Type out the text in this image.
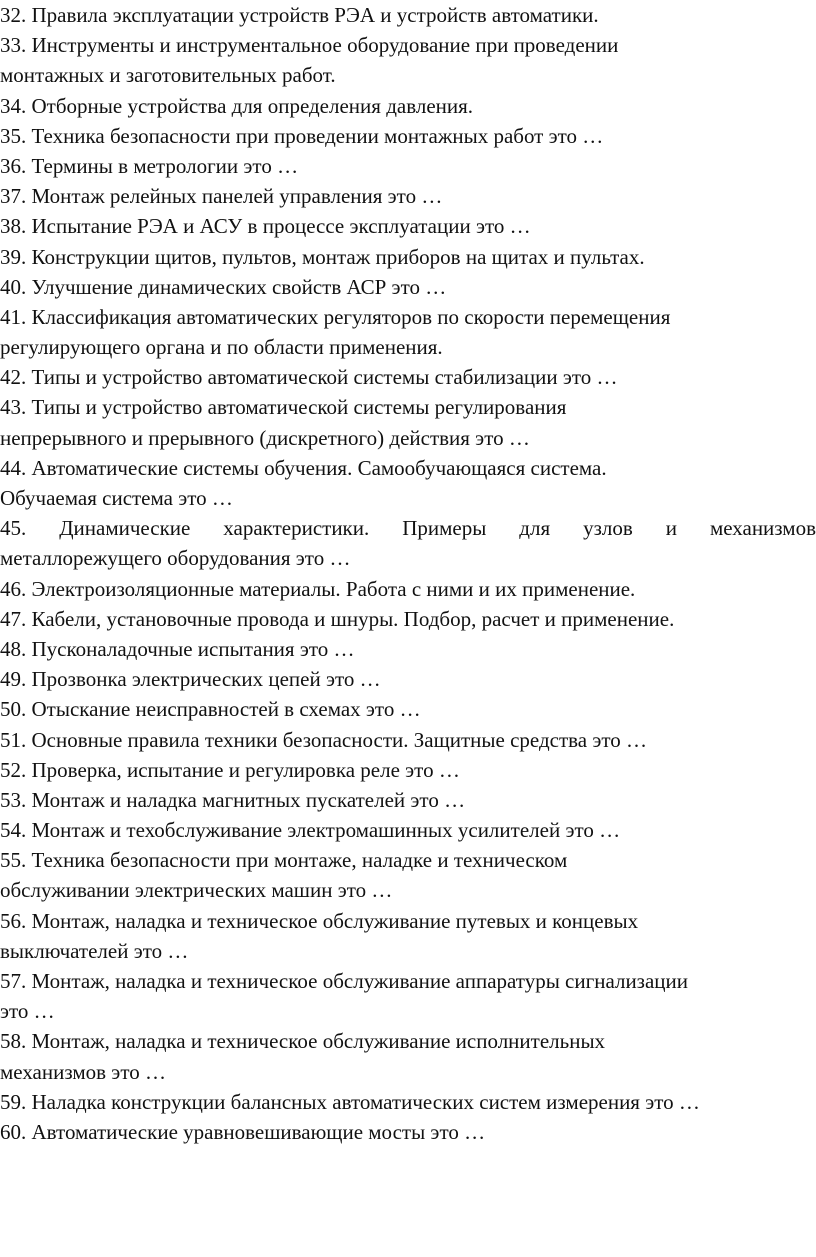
32. Правила эксплуатации устройств РЭА и устройств автоматики.
33. Инструменты и инструментальное оборудование при проведении
монтажных и заготовительных работ.
34. Отборные устройства для определения давления.
35. Техника безопасности при проведении монтажных работ это …
36. Термины в метрологии это …
37. Монтаж релейных панелей управления это …
38. Испытание РЭА и АСУ в процессе эксплуатации это …
39. Конструкции щитов, пультов, монтаж приборов на щитах и пультах.
40. Улучшение динамических свойств АСР это …
41. Классификация автоматических регуляторов по скорости перемещения
регулирующего органа и по области применения.
42. Типы и устройство автоматической системы стабилизации это …
43. Типы и устройство автоматической системы регулирования
непрерывного и прерывного (дискретного) действия это …
44. Автоматические системы обучения. Самообучающаяся система.
Обучаемая система это …
45. Динамические характеристики. Примеры для узлов и механизмов
металлорежущего оборудования это …
46. Электроизоляционные материалы. Работа с ними и их применение.
47. Кабели, установочные провода и шнуры. Подбор, расчет и применение.
48. Пусконаладочные испытания это …
49. Прозвонка электрических цепей это …
50. Отыскание неисправностей в схемах это …
51. Основные правила техники безопасности. Защитные средства это …
52. Проверка, испытание и регулировка реле это …
53. Монтаж и наладка магнитных пускателей это …
54. Монтаж и техобслуживание электромашинных усилителей это …
55. Техника безопасности при монтаже, наладке и техническом
обслуживании электрических машин это …
56. Монтаж, наладка и техническое обслуживание путевых и концевых
выключателей это …
57. Монтаж, наладка и техническое обслуживание аппаратуры сигнализации
это …
58. Монтаж, наладка и техническое обслуживание исполнительных
механизмов это …
59. Наладка конструкции балансных автоматических систем измерения это …
60. Автоматические уравновешивающие мосты это …
